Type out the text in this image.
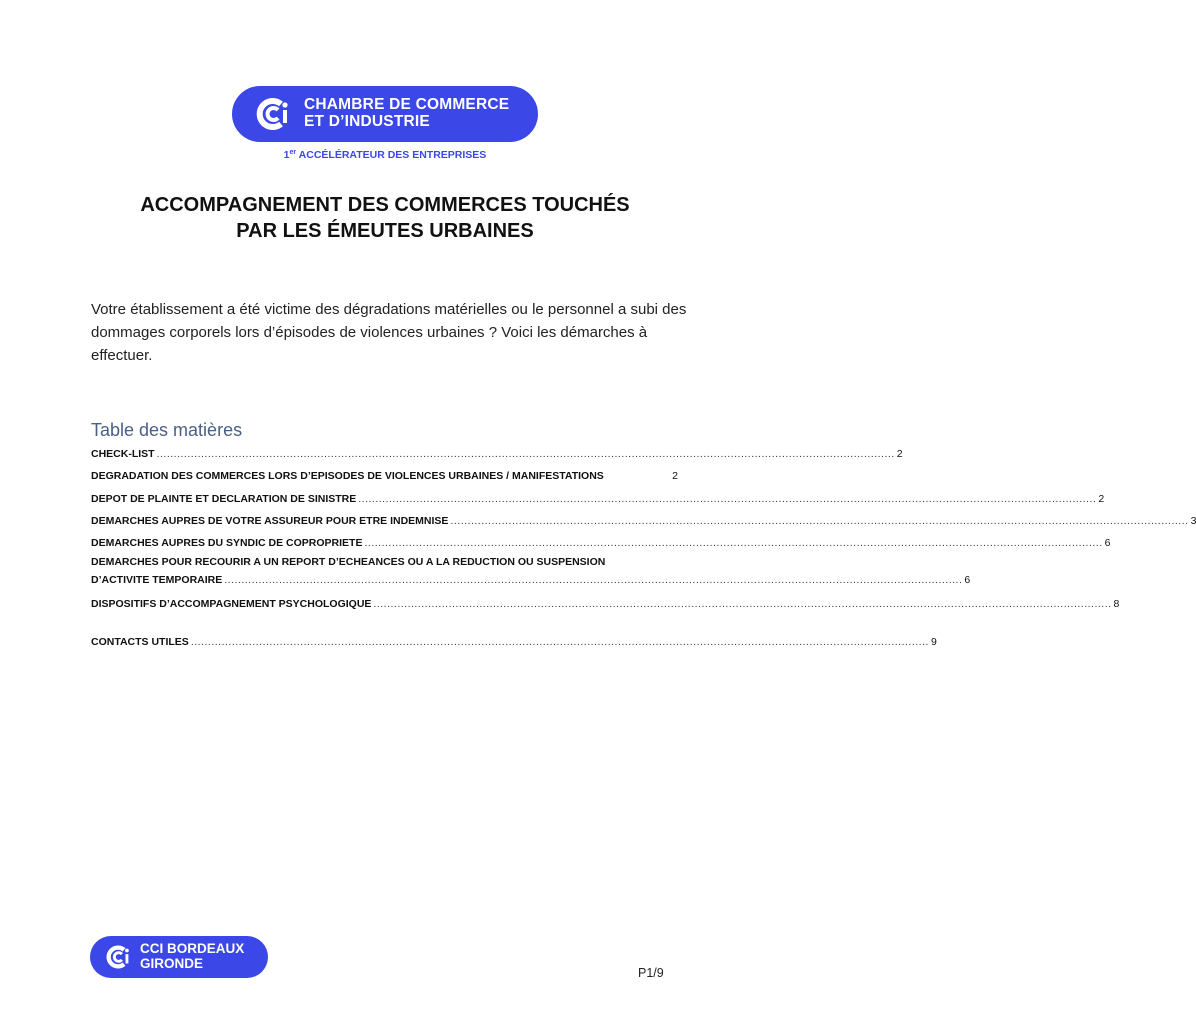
CHAMBRE DE COMMERCE
ET D’INDUSTRIE
1er ACCÉLÉRATEUR DES ENTREPRISES
ACCOMPAGNEMENT DES COMMERCES TOUCHÉS
PAR LES ÉMEUTES URBAINES
Votre établissement a été victime des dégradations matérielles ou le personnel a subi des dommages corporels lors d’épisodes de violences urbaines ? Voici les démarches à effectuer.
Table des matières
CHECK-LIST ........................................................................................................................................................................................................................ 2
DEGRADATION DES COMMERCES LORS D’EPISODES DE VIOLENCES URBAINES / MANIFESTATIONS	2
DEPOT DE PLAINTE ET DECLARATION DE SINISTRE ........................................................................................................................................................................................................................ 2
DEMARCHES AUPRES DE VOTRE ASSUREUR POUR ETRE INDEMNISE ........................................................................................................................................................................................................................ 3
DEMARCHES AUPRES DU SYNDIC DE COPROPRIETE ........................................................................................................................................................................................................................ 6
DEMARCHES POUR RECOURIR A UN REPORT D’ECHEANCES OU A LA REDUCTION OU SUSPENSION
D’ACTIVITE TEMPORAIRE ........................................................................................................................................................................................................................ 6
DISPOSITIFS D’ACCOMPAGNEMENT PSYCHOLOGIQUE ........................................................................................................................................................................................................................ 8
CONTACTS UTILES ........................................................................................................................................................................................................................ 9
CCI BORDEAUX
GIRONDE
P1/9
